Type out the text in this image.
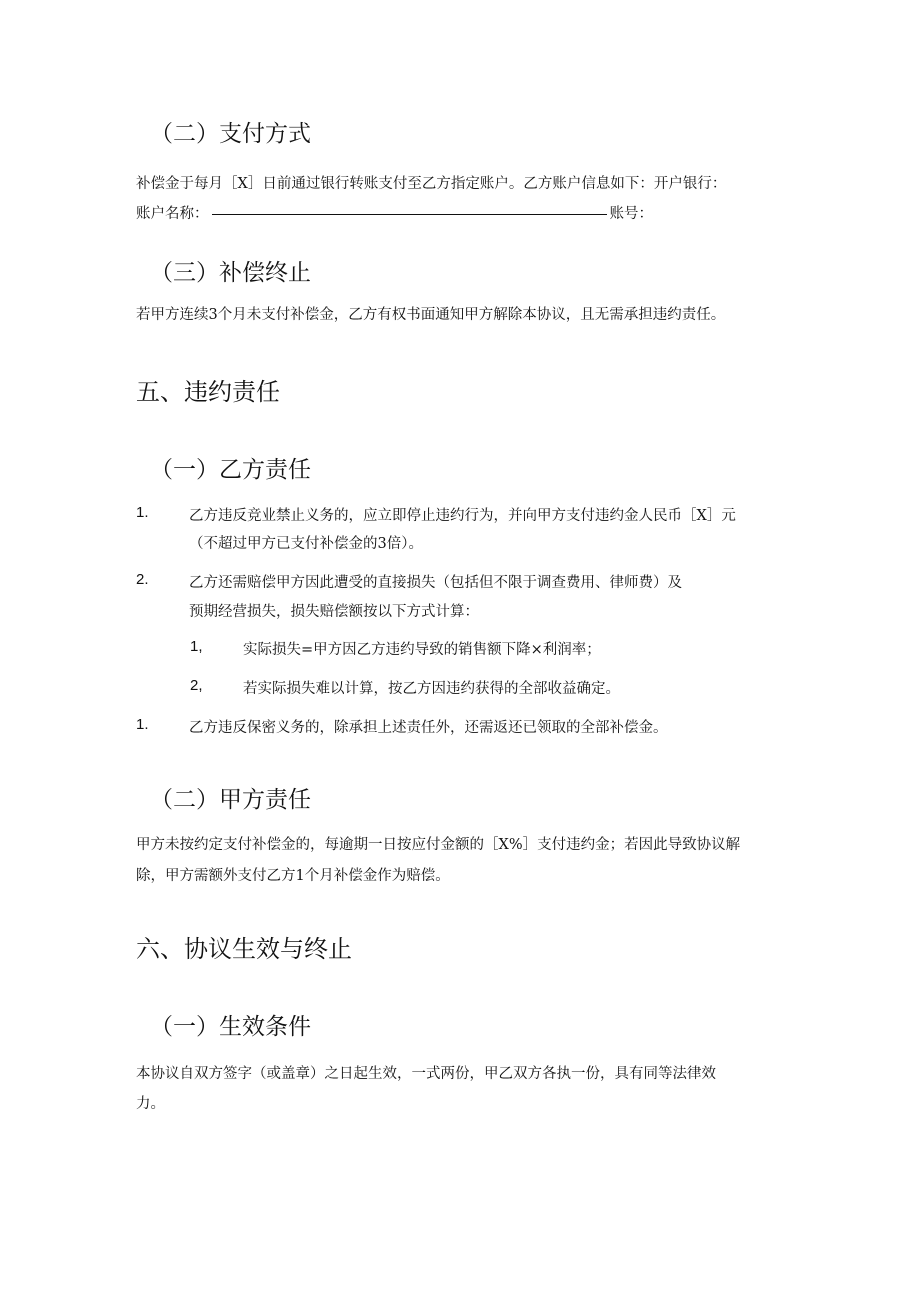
（二）支付方式
补偿金于每月［X］日前通过银行转账支付至乙方指定账户。乙方账户信息如下：开户银行：
账户名称：	账号：
（三）补偿终止
若甲方连续3个月未支付补偿金，乙方有权书面通知甲方解除本协议，且无需承担违约责任。
五、违约责任
（一）乙方责任
1.	乙方违反竞业禁止义务的，应立即停止违约行为，并向甲方支付违约金人民币［X］元
（不超过甲方已支付补偿金的3倍）。
2.	乙方还需赔偿甲方因此遭受的直接损失（包括但不限于调查费用、律师费）及
预期经营损失，损失赔偿额按以下方式计算：
1,	实际损失=甲方因乙方违约导致的销售额下降×利润率；
2,	若实际损失难以计算，按乙方因违约获得的全部收益确定。
1.	乙方违反保密义务的，除承担上述责任外，还需返还已领取的全部补偿金。
（二）甲方责任
甲方未按约定支付补偿金的，每逾期一日按应付金额的［X%］支付违约金；若因此导致协议解
除，甲方需额外支付乙方1个月补偿金作为赔偿。
六、协议生效与终止
（一）生效条件
本协议自双方签字（或盖章）之日起生效，一式两份，甲乙双方各执一份，具有同等法律效
力。
